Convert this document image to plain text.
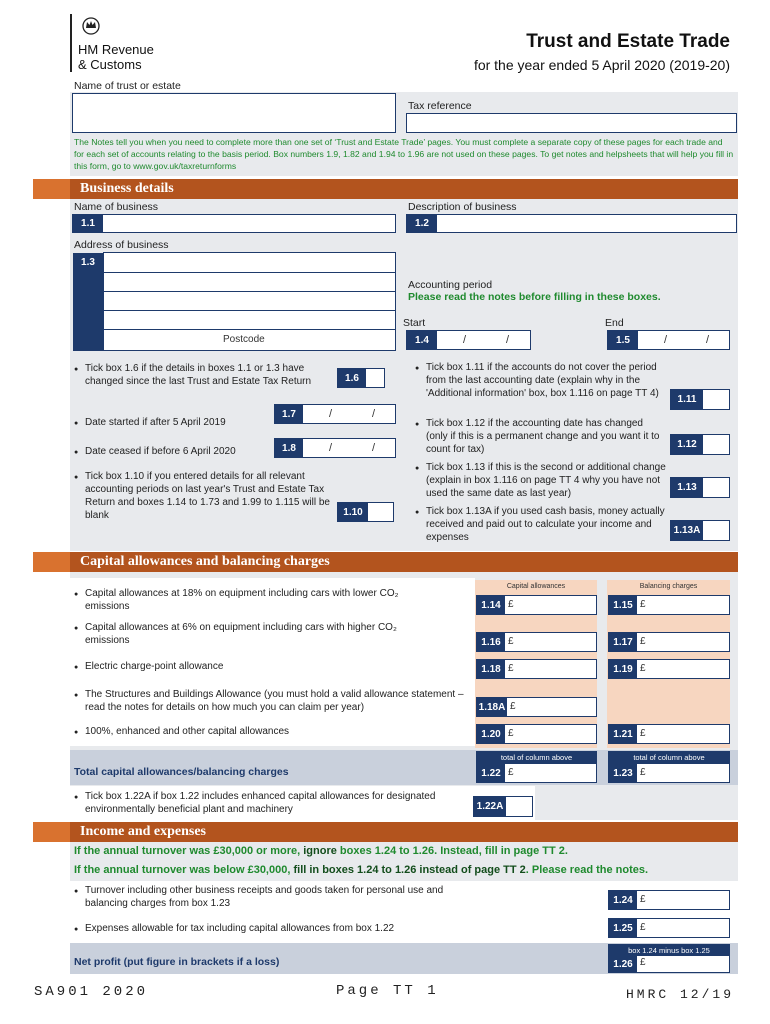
HM Revenue
& Customs
Trust and Estate Trade
for the year ended 5 April 2020 (2019-20)
Name of trust or estate
Tax reference
The Notes tell you when you need to complete more than one set of ‘Trust and Estate Trade’ pages. You must complete a separate copy of these pages for each trade and for each set of accounts relating to the basis period. Box numbers 1.9, 1.82 and 1.94 to 1.96 are not used on these pages. To get notes and helpsheets that will help you fill in this form, go to www.gov.uk/taxreturnforms
Business details
Name of business
1.1
Description of business
1.2
Address of business
1.3
Postcode
Accounting period
Please read the notes before filling in these boxes.
Start	End
1.4	/	/	1.5	/	/
● Tick box 1.6 if the details in boxes 1.1 or 1.3 have changed since the last Trust and Estate Tax Return	1.6
● Date started if after 5 April 2019
1.7	/	/
● Date ceased if before 6 April 2020	1.8	/	/
● Tick box 1.10 if you entered details for all relevant accounting periods on last year's Trust and Estate Tax Return and boxes 1.14 to 1.73 and 1.99 to 1.115 will be blank	1.10
● Tick box 1.11 if the accounts do not cover the period from the last accounting date (explain why in the 'Additional information' box, box 1.116 on page TT 4)
1.11
● Tick box 1.12 if the accounting date has changed (only if this is a permanent change and you want it to count for tax)	1.12
● Tick box 1.13 if this is the second or additional change (explain in box 1.116 on page TT 4 why you have not used the same date as last year)
1.13
● Tick box 1.13A if you used cash basis, money actually received and paid out to calculate your income and expenses
1.13A
Capital allowances and balancing charges
Capital allowances	Balancing charges
● Capital allowances at 18% on equipment including cars with lower CO₂ emissions	1.14 £	1.15 £
● Capital allowances at 6% on equipment including cars with higher CO₂ emissions	1.16 £	1.17 £
● Electric charge-point allowance	1.18 £	1.19 £
● The Structures and Buildings Allowance (you must hold a valid allowance statement – read the notes for details on how much you can claim per year)	1.18A £
● 100%, enhanced and other capital allowances	1.20 £	1.21 £
Total capital allowances/balancing charges
total of column above
1.22 £
total of column above
1.23 £
● Tick box 1.22A if box 1.22 includes enhanced capital allowances for designated environmentally beneficial plant and machinery	1.22A
Income and expenses
If the annual turnover was £30,000 or more, ignore boxes 1.24 to 1.26. Instead, fill in page TT 2.
If the annual turnover was below £30,000, fill in boxes 1.24 to 1.26 instead of page TT 2. Please read the notes.
● Turnover including other business receipts and goods taken for personal use and balancing charges from box 1.23	1.24 £
● Expenses allowable for tax including capital allowances from box 1.22	1.25 £
Net profit (put figure in brackets if a loss)
box 1.24 minus box 1.25
1.26 £
SA901 2020	Page TT 1	HMRC 12/19
